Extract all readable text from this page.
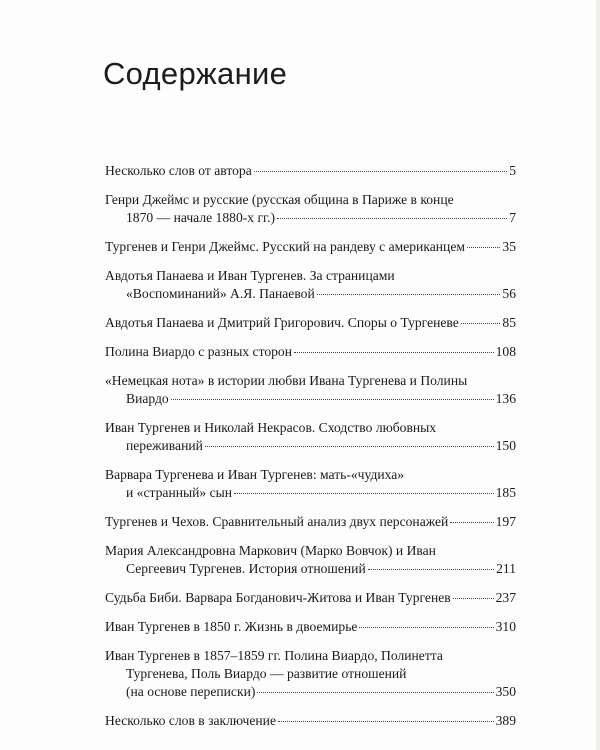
Содержание
Несколько слов от автора	5
Генри Джеймс и русские (русская община в Париже в конце
1870 — начале 1880-х гг.)	7
Тургенев и Генри Джеймс. Русский на рандеву с американцем	35
Авдотья Панаева и Иван Тургенев. За страницами
«Воспоминаний» А.Я. Панаевой	56
Авдотья Панаева и Дмитрий Григорович. Споры о Тургеневе	85
Полина Виардо с разных сторон	108
«Немецкая нота» в истории любви Ивана Тургенева и Полины
Виардо	136
Иван Тургенев и Николай Некрасов. Сходство любовных
переживаний	150
Варвара Тургенева и Иван Тургенев: мать-«чудиха»
и «странный» сын	185
Тургенев и Чехов. Сравнительный анализ двух персонажей	197
Мария Александровна Маркович (Марко Вовчок) и Иван
Сергеевич Тургенев. История отношений	211
Судьба Биби. Варвара Богданович-Житова и Иван Тургенев	237
Иван Тургенев в 1850 г. Жизнь в двоемирье	310
Иван Тургенев в 1857–1859 гг. Полина Виардо, Полинетта
Тургенева, Поль Виардо — развитие отношений
(на основе переписки)	350
Несколько слов в заключение	389
